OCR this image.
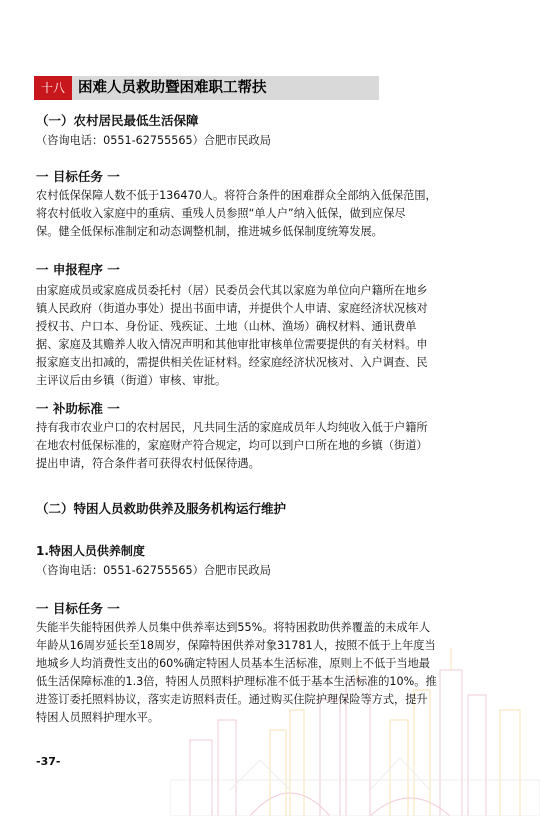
十八 困难人员救助暨困难职工帮扶
（一）农村居民最低生活保障
（咨询电话：0551-62755565）合肥市民政局
一 目标任务 一
农村低保保障人数不低于136470人。将符合条件的困难群众全部纳入低保范围，
将农村低收入家庭中的重病、重残人员参照“单人户”纳入低保，做到应保尽
保。健全低保标准制定和动态调整机制，推进城乡低保制度统筹发展。
一 申报程序 一
由家庭成员或家庭成员委托村（居）民委员会代其以家庭为单位向户籍所在地乡
镇人民政府（街道办事处）提出书面申请，并提供个人申请、家庭经济状况核对
授权书、户口本、身份证、残疾证、土地（山林、渔场）确权材料、通讯费单
据、家庭及其赡养人收入情况声明和其他审批审核单位需要提供的有关材料。申
报家庭支出扣减的，需提供相关佐证材料。经家庭经济状况核对、入户调查、民
主评议后由乡镇（街道）审核、审批。
一 补助标准 一
持有我市农业户口的农村居民，凡共同生活的家庭成员年人均纯收入低于户籍所
在地农村低保标准的，家庭财产符合规定，均可以到户口所在地的乡镇（街道）
提出申请，符合条件者可获得农村低保待遇。
（二）特困人员救助供养及服务机构运行维护
1.特困人员供养制度
（咨询电话：0551-62755565）合肥市民政局
一 目标任务 一
失能半失能特困供养人员集中供养率达到55%。将特困救助供养覆盖的未成年人
年龄从16周岁延长至18周岁，保障特困供养对象31781人，按照不低于上年度当
地城乡人均消费性支出的60%确定特困人员基本生活标准，原则上不低于当地最
低生活保障标准的1.3倍，特困人员照料护理标准不低于基本生活标准的10%。推
进签订委托照料协议，落实走访照料责任。通过购买住院护理保险等方式，提升
特困人员照料护理水平。
-37-
